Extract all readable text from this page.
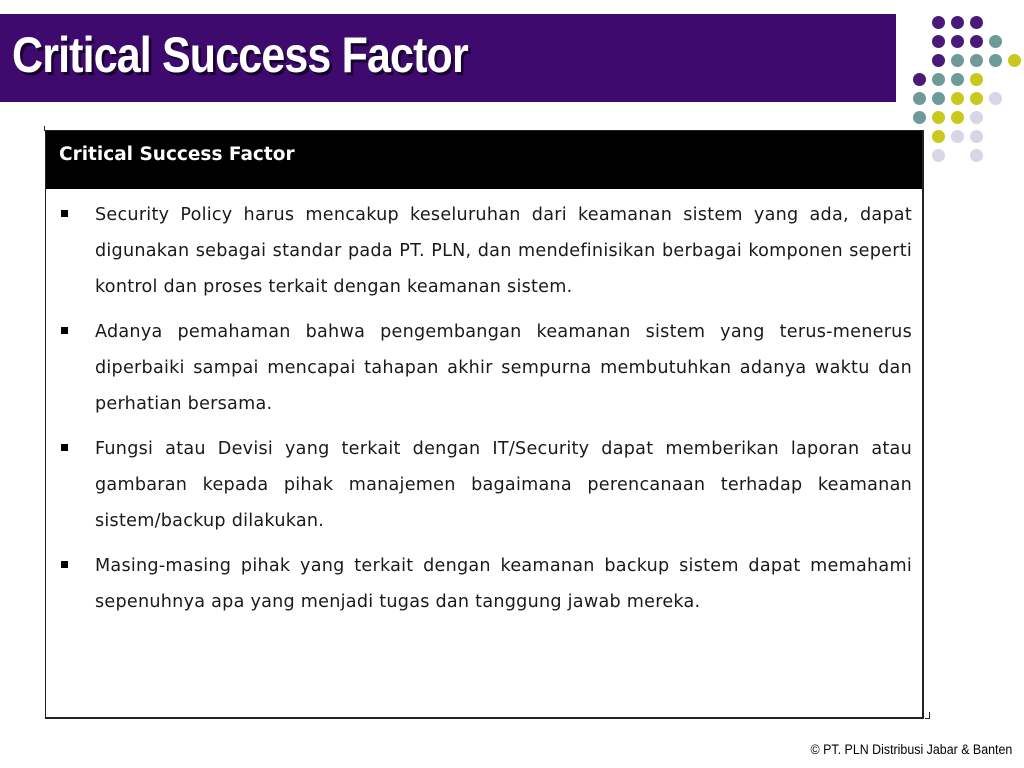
Critical Success Factor
Critical Success Factor
Security Policy harus mencakup keseluruhan dari keamanan sistem yang ada, dapat digunakan sebagai standar pada PT. PLN, dan mendefinisikan berbagai komponen seperti kontrol dan proses terkait dengan keamanan sistem.
Adanya pemahaman bahwa pengembangan keamanan sistem yang terus-menerus diperbaiki sampai mencapai tahapan akhir sempurna membutuhkan adanya waktu dan perhatian bersama.
Fungsi atau Devisi yang terkait dengan IT/Security dapat memberikan laporan atau gambaran kepada pihak manajemen bagaimana perencanaan terhadap keamanan sistem/backup dilakukan.
Masing-masing pihak yang terkait dengan keamanan backup sistem dapat memahami sepenuhnya apa yang menjadi tugas dan tanggung jawab mereka.
© PT. PLN Distribusi Jabar & Banten
